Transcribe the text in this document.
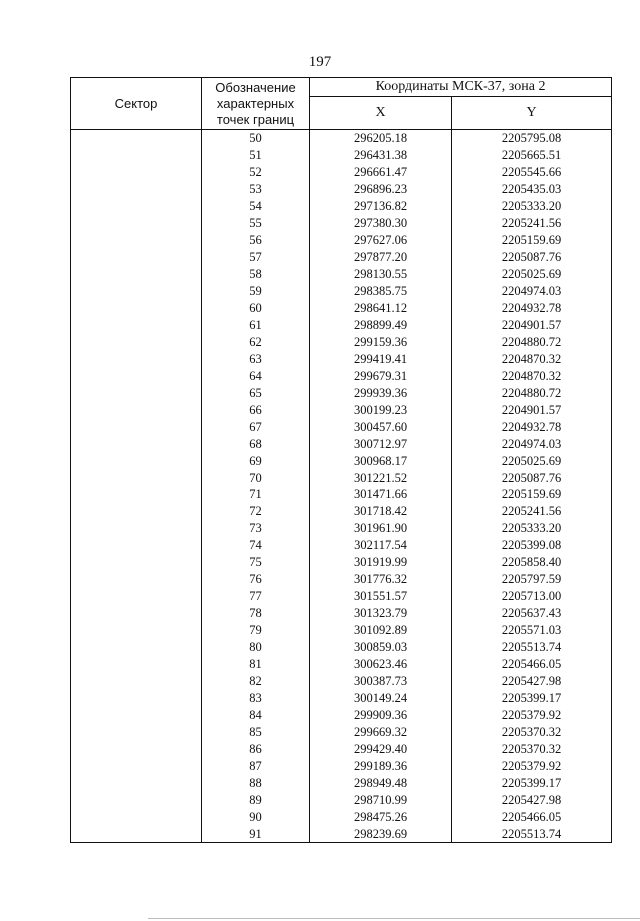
197
Сектор	Обозначение
характерных
точек границ	Координаты МСК-37, зона 2	
		X	Y
	50	296205.18	2205795.08
	51	296431.38	2205665.51
	52	296661.47	2205545.66
	53	296896.23	2205435.03
	54	297136.82	2205333.20
	55	297380.30	2205241.56
	56	297627.06	2205159.69
	57	297877.20	2205087.76
	58	298130.55	2205025.69
	59	298385.75	2204974.03
	60	298641.12	2204932.78
	61	298899.49	2204901.57
	62	299159.36	2204880.72
	63	299419.41	2204870.32
	64	299679.31	2204870.32
	65	299939.36	2204880.72
	66	300199.23	2204901.57
	67	300457.60	2204932.78
	68	300712.97	2204974.03
	69	300968.17	2205025.69
	70	301221.52	2205087.76
	71	301471.66	2205159.69
	72	301718.42	2205241.56
	73	301961.90	2205333.20
	74	302117.54	2205399.08
	75	301919.99	2205858.40
	76	301776.32	2205797.59
	77	301551.57	2205713.00
	78	301323.79	2205637.43
	79	301092.89	2205571.03
	80	300859.03	2205513.74
	81	300623.46	2205466.05
	82	300387.73	2205427.98
	83	300149.24	2205399.17
	84	299909.36	2205379.92
	85	299669.32	2205370.32
	86	299429.40	2205370.32
	87	299189.36	2205379.92
	88	298949.48	2205399.17
	89	298710.99	2205427.98
	90	298475.26	2205466.05
	91	298239.69	2205513.74
